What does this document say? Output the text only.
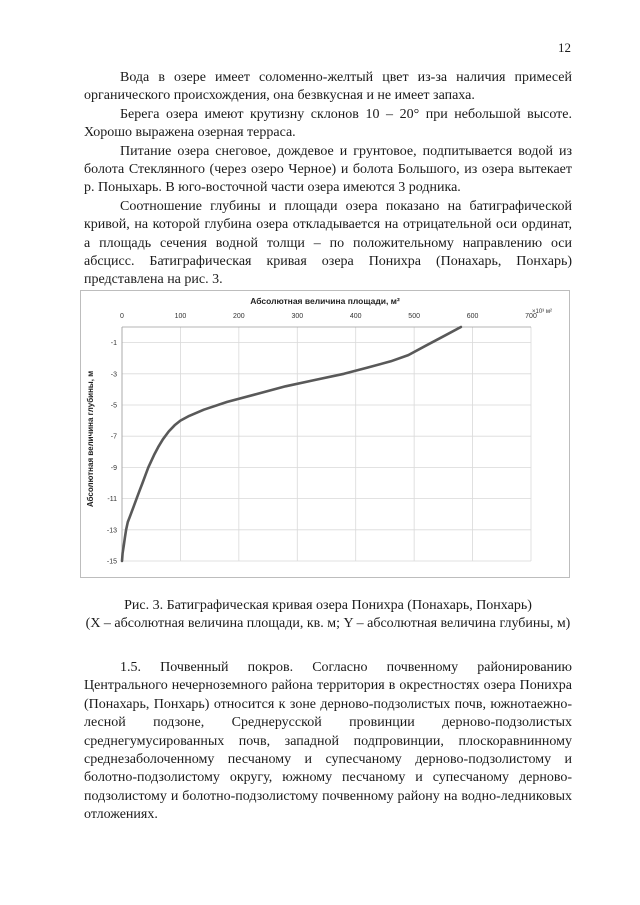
12

Вода в озере имеет соломенно-желтый цвет из-за наличия примесей органического происхождения, она безвкусная и не имеет запаха.

Берега озера имеют крутизну склонов 10 – 20° при небольшой высоте. Хорошо выражена озерная терраса.

Питание озера снеговое, дождевое и грунтовое, подпитывается водой из болота Стеклянного (через озеро Черное) и болота Большого, из озера вытекает р. Поныхарь. В юго-восточной части озера имеются 3 родника.

Соотношение глубины и площади озера показано на батиграфической кривой, на которой глубина озера откладывается на отрицательной оси ординат, а площадь сечения водной толщи – по положительному направлению оси абсцисс. Батиграфическая кривая озера Понихра (Понахарь, Понхарь) представлена на рис. 3.

Абсолютная величина площади, м²
×10³ м²
Абсолютная величина глубины, м
0	100	200	300	400	500	600	700
-1
-3
-5
-7
-9
-11
-13
-15

Рис. 3. Батиграфическая кривая озера Понихра (Понахарь, Понхарь)

(X – абсолютная величина площади, кв. м; Y – абсолютная величина глубины, м)

1.5. Почвенный покров. Согласно почвенному районированию Центрального нечерноземного района территория в окрестностях озера Понихра (Понахарь, Понхарь) относится к зоне дерново-подзолистых почв, южнотаежно-лесной подзоне, Среднерусской провинции дерново-подзолистых среднегумусированных почв, западной подпровинции, плоскоравнинному среднезаболоченному песчаному и супесчаному дерново-подзолистому и болотно-подзолистому округу, южному песчаному и супесчаному дерново-подзолистому и болотно-подзолистому почвенному району на водно-ледниковых отложениях.
